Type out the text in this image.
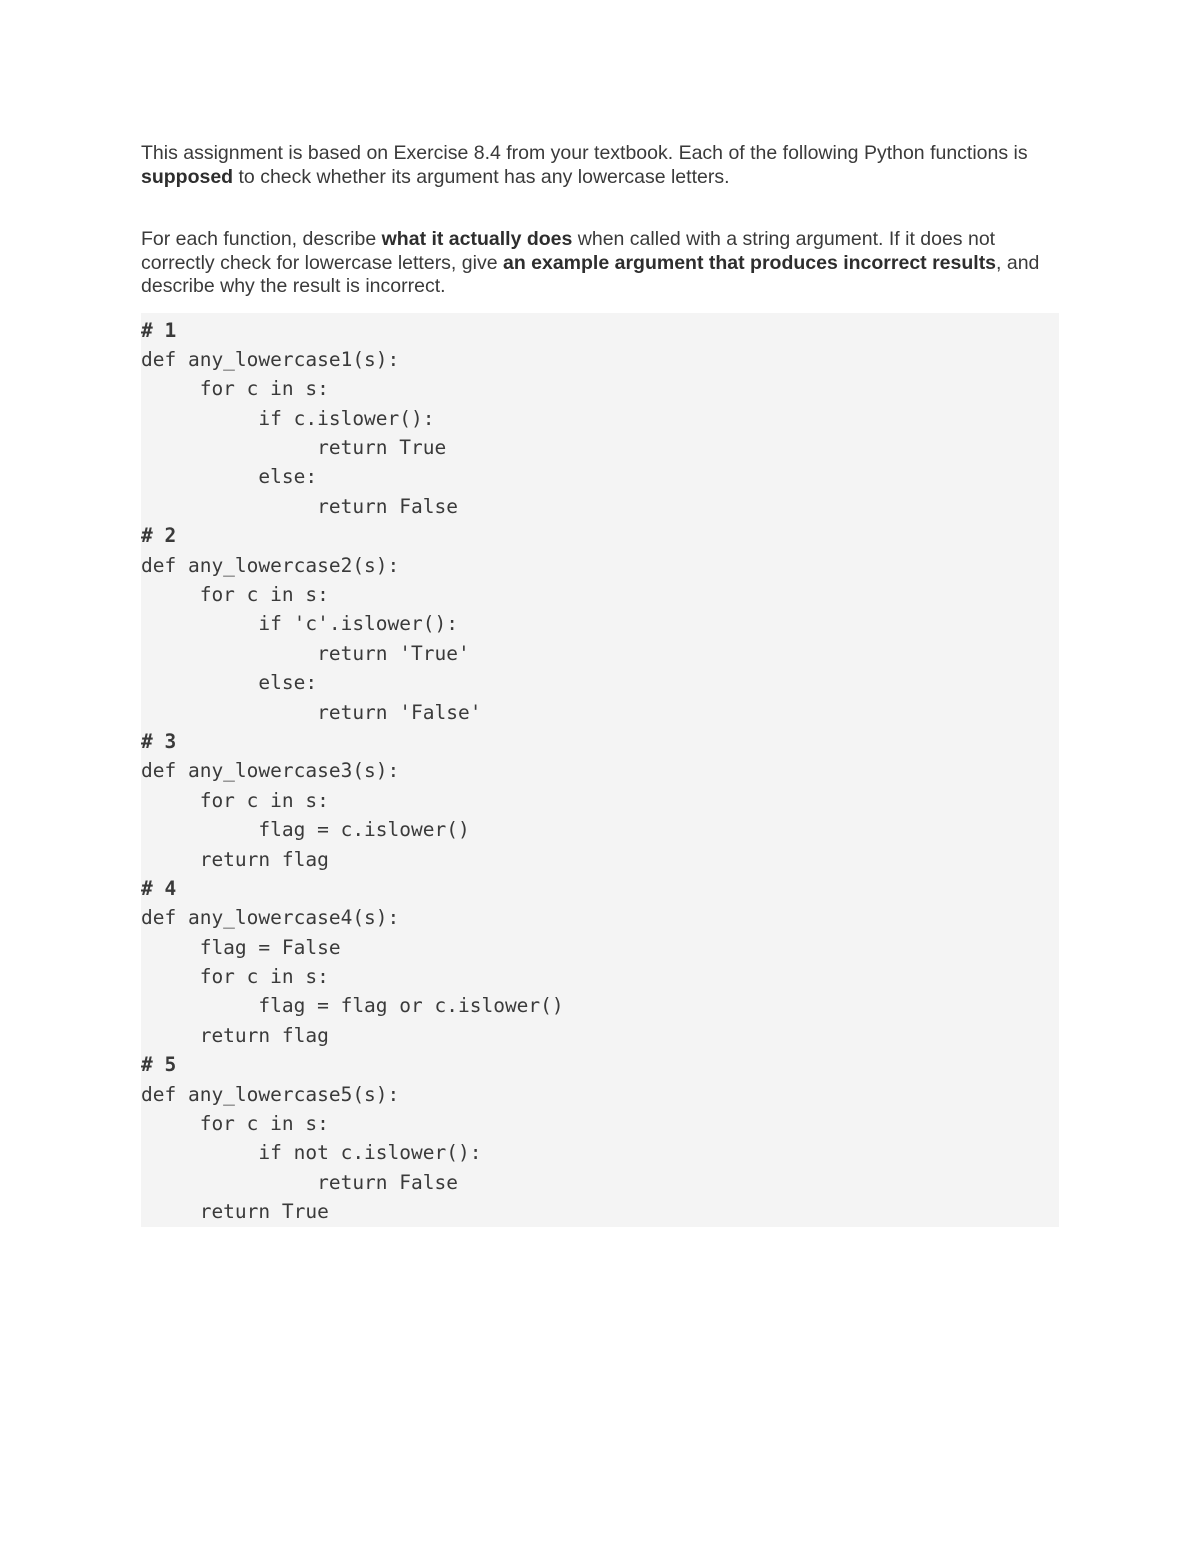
This assignment is based on Exercise 8.4 from your textbook. Each of the following Python functions is supposed to check whether its argument has any lowercase letters.

For each function, describe what it actually does when called with a string argument. If it does not correctly check for lowercase letters, give an example argument that produces incorrect results, and describe why the result is incorrect.

# 1
def any_lowercase1(s):
for c in s:
if c.islower():
return True
else:
return False
# 2
def any_lowercase2(s):
for c in s:
if 'c'.islower():
return 'True'
else:
return 'False'
# 3
def any_lowercase3(s):
for c in s:
flag = c.islower()
return flag
# 4
def any_lowercase4(s):
flag = False
for c in s:
flag = flag or c.islower()
return flag
# 5
def any_lowercase5(s):
for c in s:
if not c.islower():
return False
return True
